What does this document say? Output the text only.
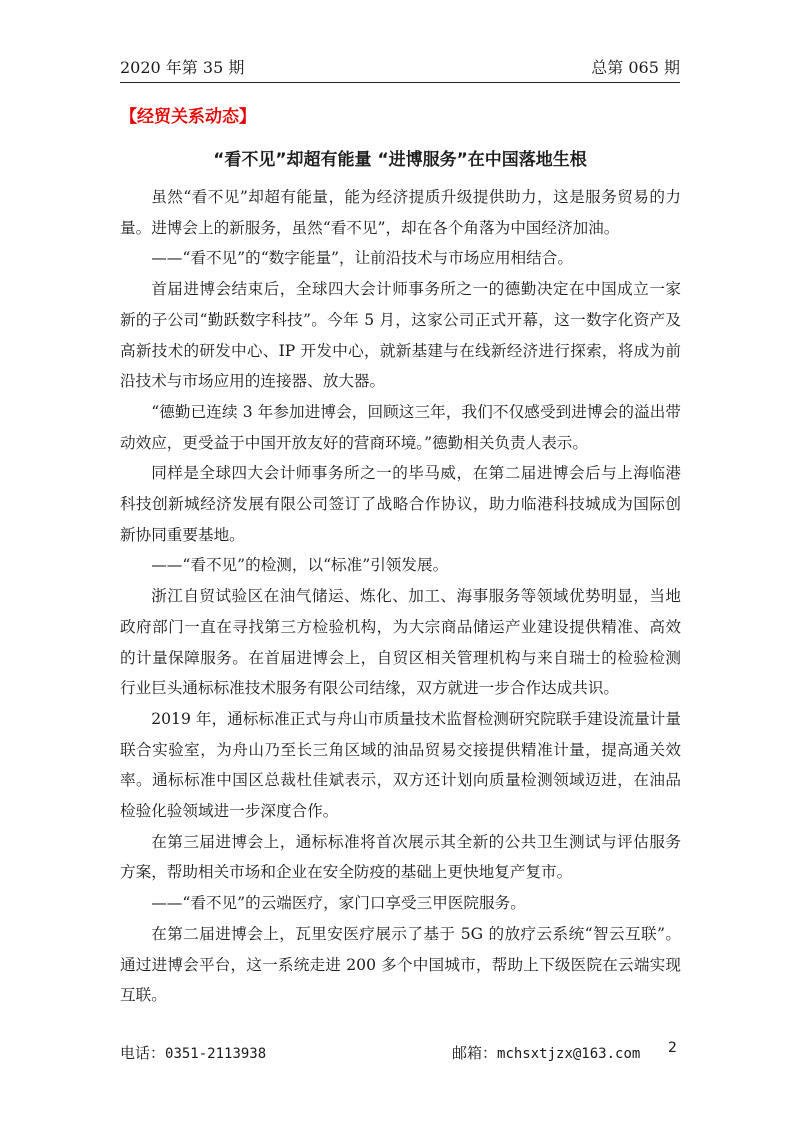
2020 年第 35 期	总第 065 期
【经贸关系动态】
“看不见”却超有能量 “进博服务”在中国落地生根

虽然“看不见”却超有能量，能为经济提质升级提供助力，这是服务贸易的力量。进博会上的新服务，虽然“看不见”，却在各个角落为中国经济加油。

——“看不见”的“数字能量”，让前沿技术与市场应用相结合。

首届进博会结束后，全球四大会计师事务所之一的德勤决定在中国成立一家新的子公司“勤跃数字科技”。今年 5 月，这家公司正式开幕，这一数字化资产及高新技术的研发中心、IP 开发中心，就新基建与在线新经济进行探索，将成为前沿技术与市场应用的连接器、放大器。

“德勤已连续 3 年参加进博会，回顾这三年，我们不仅感受到进博会的溢出带动效应，更受益于中国开放友好的营商环境。”德勤相关负责人表示。

同样是全球四大会计师事务所之一的毕马威，在第二届进博会后与上海临港科技创新城经济发展有限公司签订了战略合作协议，助力临港科技城成为国际创新协同重要基地。

——“看不见”的检测，以“标准”引领发展。

浙江自贸试验区在油气储运、炼化、加工、海事服务等领域优势明显，当地政府部门一直在寻找第三方检验机构，为大宗商品储运产业建设提供精准、高效的计量保障服务。在首届进博会上，自贸区相关管理机构与来自瑞士的检验检测行业巨头通标标准技术服务有限公司结缘，双方就进一步合作达成共识。

2019 年，通标标准正式与舟山市质量技术监督检测研究院联手建设流量计量联合实验室，为舟山乃至长三角区域的油品贸易交接提供精准计量，提高通关效率。通标标准中国区总裁杜佳斌表示，双方还计划向质量检测领域迈进，在油品检验化验领域进一步深度合作。

在第三届进博会上，通标标准将首次展示其全新的公共卫生测试与评估服务方案，帮助相关市场和企业在安全防疫的基础上更快地复产复市。

——“看不见”的云端医疗，家门口享受三甲医院服务。

在第二届进博会上，瓦里安医疗展示了基于 5G 的放疗云系统“智云互联”。通过进博会平台，这一系统走进 200 多个中国城市，帮助上下级医院在云端实现互联。

电话：0351-2113938	邮箱：mchsxtjzx@163.com 2
